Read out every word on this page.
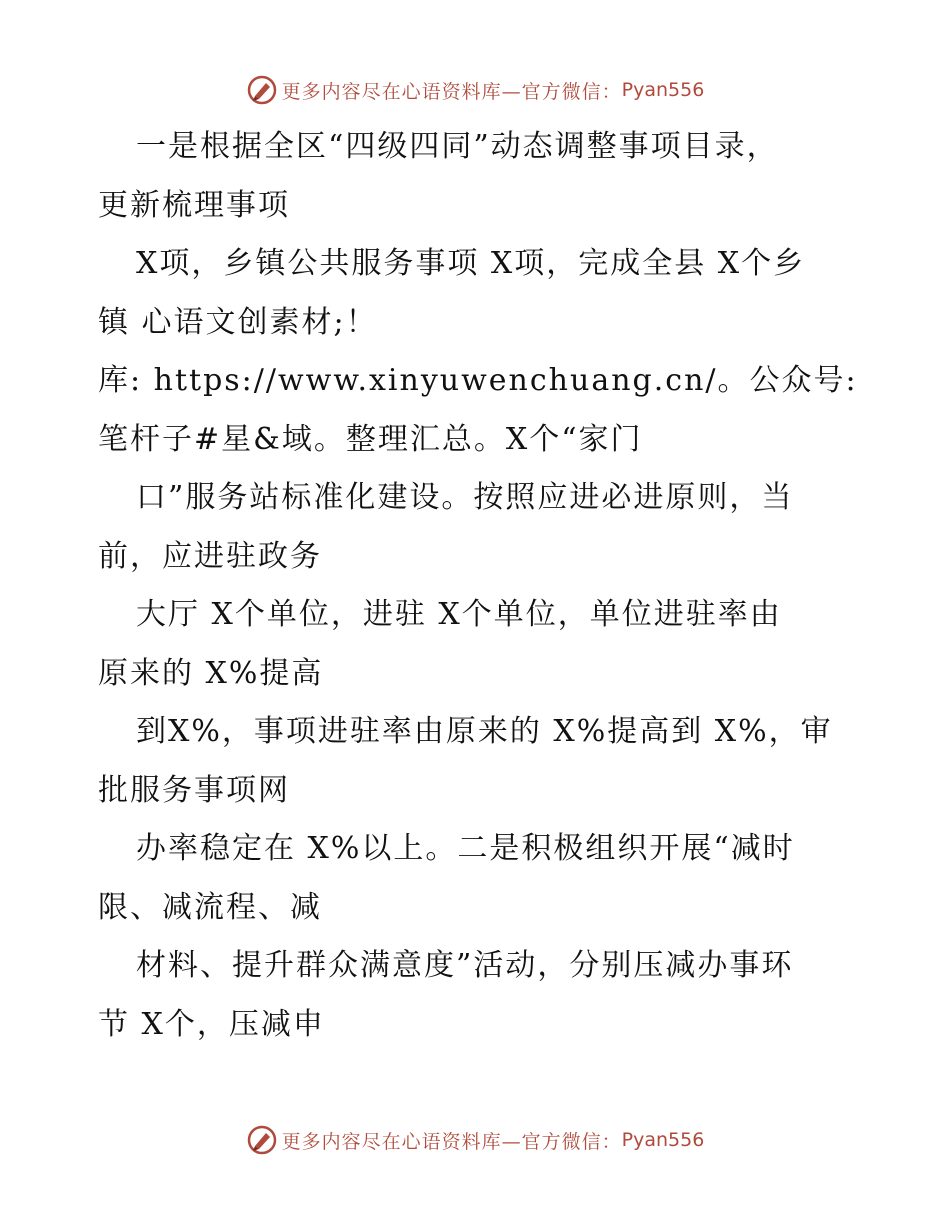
更多内容尽在心语资料库—官方微信： Pyan556
一是根据全区“四级四同”动态调整事项目录，
更新梳理事项
X项，乡镇公共服务事项 X项，完成全县 X个乡
镇 心语文创素材;！
库: https://www.xinyuwenchuang.cn/。公众号:
笔杆子#星&域。整理汇总。X个“家门
口”服务站标准化建设。按照应进必进原则，当
前，应进驻政务
大厅 X个单位，进驻 X个单位，单位进驻率由
原来的 X%提高
到X%，事项进驻率由原来的 X%提高到 X%，审
批服务事项网
办率稳定在 X%以上。二是积极组织开展“减时
限、减流程、减
材料、提升群众满意度”活动，分别压减办事环
节 X个，压减申
更多内容尽在心语资料库—官方微信： Pyan556
